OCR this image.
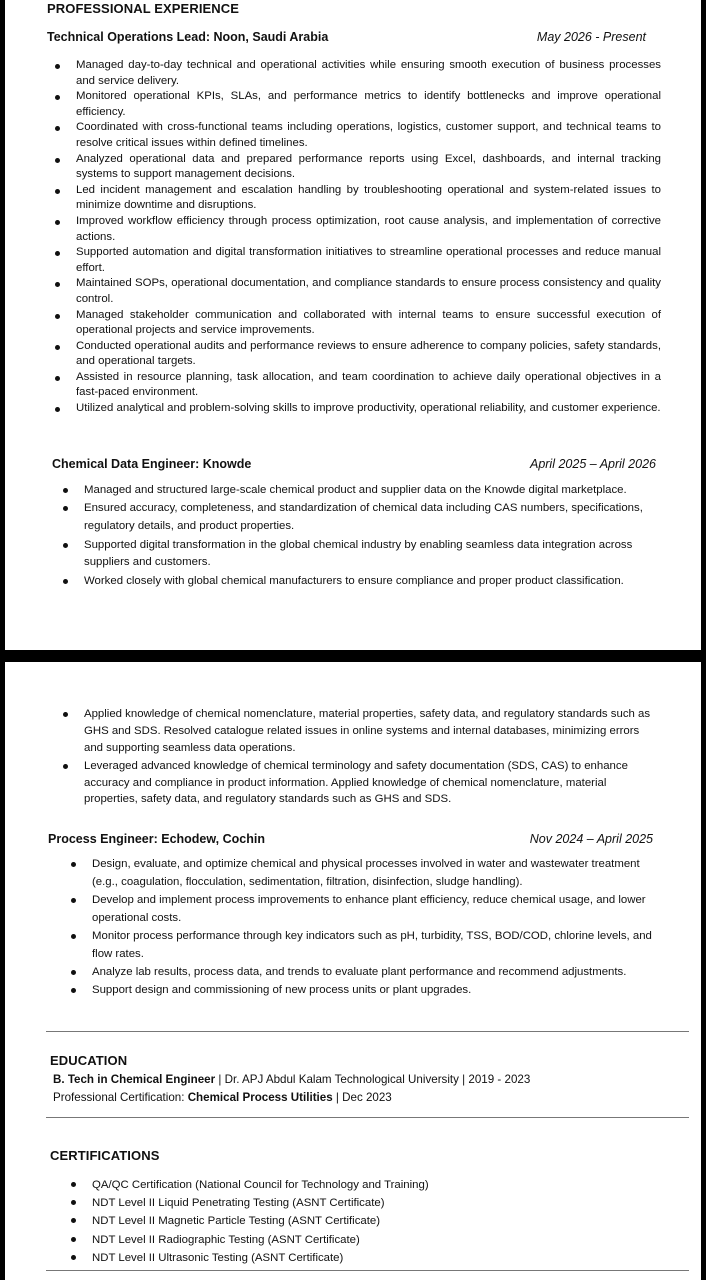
PROFESSIONAL EXPERIENCE
Technical Operations Lead: Noon, Saudi Arabia	May 2026 - Present
Managed day-to-day technical and operational activities while ensuring smooth execution of business processes and service delivery.
Monitored operational KPIs, SLAs, and performance metrics to identify bottlenecks and improve operational efficiency.
Coordinated with cross-functional teams including operations, logistics, customer support, and technical teams to resolve critical issues within defined timelines.
Analyzed operational data and prepared performance reports using Excel, dashboards, and internal tracking systems to support management decisions.
Led incident management and escalation handling by troubleshooting operational and system-related issues to minimize downtime and disruptions.
Improved workflow efficiency through process optimization, root cause analysis, and implementation of corrective actions.
Supported automation and digital transformation initiatives to streamline operational processes and reduce manual effort.
Maintained SOPs, operational documentation, and compliance standards to ensure process consistency and quality control.
Managed stakeholder communication and collaborated with internal teams to ensure successful execution of operational projects and service improvements.
Conducted operational audits and performance reviews to ensure adherence to company policies, safety standards, and operational targets.
Assisted in resource planning, task allocation, and team coordination to achieve daily operational objectives in a fast-paced environment.
Utilized analytical and problem-solving skills to improve productivity, operational reliability, and customer experience.
Chemical Data Engineer: Knowde	April 2025 – April 2026
Managed and structured large-scale chemical product and supplier data on the Knowde digital marketplace.
Ensured accuracy, completeness, and standardization of chemical data including CAS numbers, specifications, regulatory details, and product properties.
Supported digital transformation in the global chemical industry by enabling seamless data integration across suppliers and customers.
Worked closely with global chemical manufacturers to ensure compliance and proper product classification.
Applied knowledge of chemical nomenclature, material properties, safety data, and regulatory standards such as GHS and SDS. Resolved catalogue related issues in online systems and internal databases, minimizing errors and supporting seamless data operations.
Leveraged advanced knowledge of chemical terminology and safety documentation (SDS, CAS) to enhance accuracy and compliance in product information. Applied knowledge of chemical nomenclature, material properties, safety data, and regulatory standards such as GHS and SDS.
Process Engineer: Echodew, Cochin	Nov 2024 – April 2025
Design, evaluate, and optimize chemical and physical processes involved in water and wastewater treatment (e.g., coagulation, flocculation, sedimentation, filtration, disinfection, sludge handling).
Develop and implement process improvements to enhance plant efficiency, reduce chemical usage, and lower operational costs.
Monitor process performance through key indicators such as pH, turbidity, TSS, BOD/COD, chlorine levels, and flow rates.
Analyze lab results, process data, and trends to evaluate plant performance and recommend adjustments.
Support design and commissioning of new process units or plant upgrades.
EDUCATION
B. Tech in Chemical Engineer | Dr. APJ Abdul Kalam Technological University | 2019 - 2023
Professional Certification: Chemical Process Utilities | Dec 2023
CERTIFICATIONS
QA/QC Certification (National Council for Technology and Training)
NDT Level II Liquid Penetrating Testing (ASNT Certificate)
NDT Level II Magnetic Particle Testing (ASNT Certificate)
NDT Level II Radiographic Testing (ASNT Certificate)
NDT Level II Ultrasonic Testing (ASNT Certificate)
